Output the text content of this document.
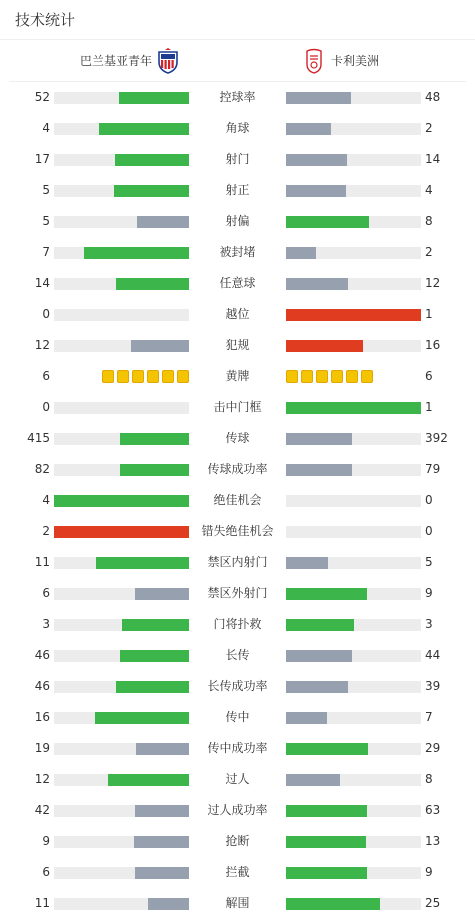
技术统计
巴兰基亚青年	卡利美洲
52	控球率	48
4	角球	2
17	射门	14
5	射正	4
5	射偏	8
7	被封堵	2
14	任意球	12
0	越位	1
12	犯规	16
6	黄牌	6
0	击中门框	1
415	传球	392
82	传球成功率	79
4	绝佳机会	0
2	错失绝佳机会	0
11	禁区内射门	5
6	禁区外射门	9
3	门将扑救	3
46	长传	44
46	长传成功率	39
16	传中	7
19	传中成功率	29
12	过人	8
42	过人成功率	63
9	抢断	13
6	拦截	9
11	解围	25
